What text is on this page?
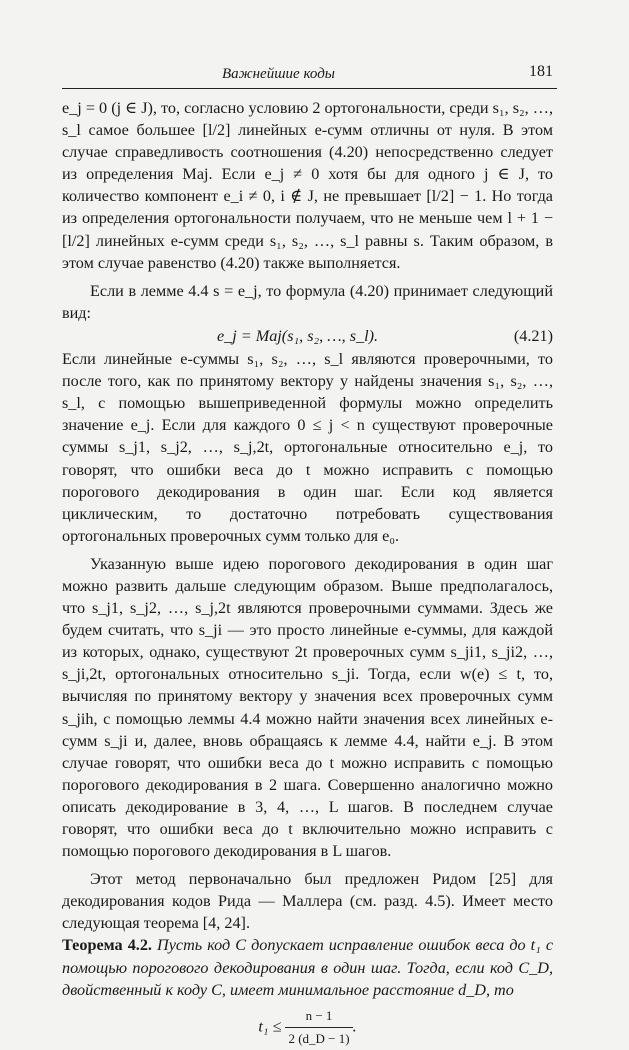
Важнейшие коды	181

e_j = 0 (j ∈ J), то, согласно условию 2 ортогональности, среди s₁, s₂, …, s_l самое большее [l/2] линейных e-сумм отличны от нуля. В этом случае справедливость соотношения (4.20) непосредственно следует из определения Maj. Если e_j ≠ 0 хотя бы для одного j ∈ J, то количество компонент e_i ≠ 0, i ∉ J, не превышает [l/2] − 1. Но тогда из определения ортогональности получаем, что не меньше чем l + 1 − [l/2] линейных e-сумм среди s₁, s₂, …, s_l равны s. Таким образом, в этом случае равенство (4.20) также выполняется.

Если в лемме 4.4 s = e_j, то формула (4.20) принимает следующий вид:

e_j = Maj(s₁, s₂, …, s_l).	(4.21)

Если линейные e-суммы s₁, s₂, …, s_l являются проверочными, то после того, как по принятому вектору y найдены значения s₁, s₂, …, s_l, с помощью вышеприведенной формулы можно определить значение e_j. Если для каждого 0 ≤ j < n существуют проверочные суммы s_j1, s_j2, …, s_j,2t, ортогональные относительно e_j, то говорят, что ошибки веса до t можно исправить с помощью порогового декодирования в один шаг. Если код является циклическим, то достаточно потребовать существования ортогональных проверочных сумм только для e₀.

Указанную выше идею порогового декодирования в один шаг можно развить дальше следующим образом. Выше предполагалось, что s_j1, s_j2, …, s_j,2t являются проверочными суммами. Здесь же будем считать, что s_ji — это просто линейные e-суммы, для каждой из которых, однако, существуют 2t проверочных сумм s_ji1, s_ji2, …, s_ji,2t, ортогональных относительно s_ji. Тогда, если w(e) ≤ t, то, вычисляя по принятому вектору y значения всех проверочных сумм s_jih, с помощью леммы 4.4 можно найти значения всех линейных e-сумм s_ji и, далее, вновь обращаясь к лемме 4.4, найти e_j. В этом случае говорят, что ошибки веса до t можно исправить с помощью порогового декодирования в 2 шага. Совершенно аналогично можно описать декодирование в 3, 4, …, L шагов. В последнем случае говорят, что ошибки веса до t включительно можно исправить с помощью порогового декодирования в L шагов.

Этот метод первоначально был предложен Ридом [25] для декодирования кодов Рида — Маллера (см. разд. 4.5). Имеет место следующая теорема [4, 24].

Теорема 4.2. Пусть код C допускает исправление ошибок веса до t₁ с помощью порогового декодирования в один шаг. Тогда, если код C_D, двойственный к коду C, имеет минимальное расстояние d_D, то

$t_1 \le \frac{n - 1}{2 (d\_D - 1)}$ .
